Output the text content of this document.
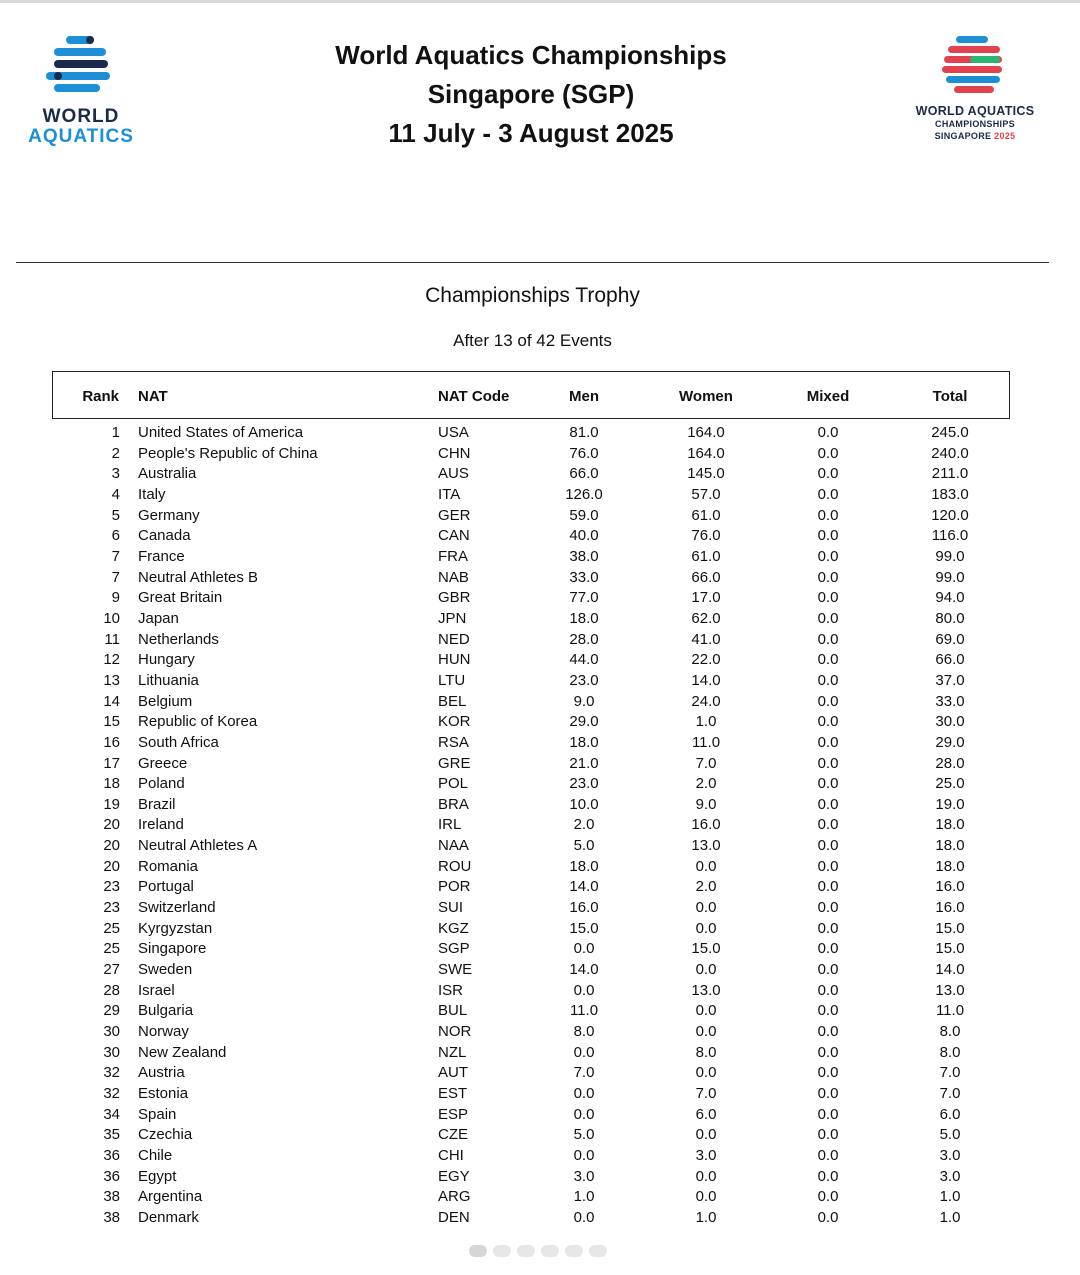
WORLD
AQUATICS
World Aquatics Championships
Singapore (SGP)
11 July - 3 August 2025
WORLD AQUATICS
CHAMPIONSHIPS
SINGAPORE 2025
Championships Trophy
After 13 of 42 Events
Rank NAT	NAT Code	Men	Women	Mixed	Total
1 United States of America	USA	81.0	164.0	0.0	245.0
2 People's Republic of China	CHN	76.0	164.0	0.0	240.0
3 Australia	AUS	66.0	145.0	0.0	211.0
4 Italy	ITA	126.0	57.0	0.0	183.0
5 Germany	GER	59.0	61.0	0.0	120.0
6 Canada	CAN	40.0	76.0	0.0	116.0
7 France	FRA	38.0	61.0	0.0	99.0
7 Neutral Athletes B	NAB	33.0	66.0	0.0	99.0
9 Great Britain	GBR	77.0	17.0	0.0	94.0
10 Japan	JPN	18.0	62.0	0.0	80.0
11 Netherlands	NED	28.0	41.0	0.0	69.0
12 Hungary	HUN	44.0	22.0	0.0	66.0
13 Lithuania	LTU	23.0	14.0	0.0	37.0
14 Belgium	BEL	9.0	24.0	0.0	33.0
15 Republic of Korea	KOR	29.0	1.0	0.0	30.0
16 South Africa	RSA	18.0	11.0	0.0	29.0
17 Greece	GRE	21.0	7.0	0.0	28.0
18 Poland	POL	23.0	2.0	0.0	25.0
19 Brazil	BRA	10.0	9.0	0.0	19.0
20 Ireland	IRL	2.0	16.0	0.0	18.0
20 Neutral Athletes A	NAA	5.0	13.0	0.0	18.0
20 Romania	ROU	18.0	0.0	0.0	18.0
23 Portugal	POR	14.0	2.0	0.0	16.0
23 Switzerland	SUI	16.0	0.0	0.0	16.0
25 Kyrgyzstan	KGZ	15.0	0.0	0.0	15.0
25 Singapore	SGP	0.0	15.0	0.0	15.0
27 Sweden	SWE	14.0	0.0	0.0	14.0
28 Israel	ISR	0.0	13.0	0.0	13.0
29 Bulgaria	BUL	11.0	0.0	0.0	11.0
30 Norway	NOR	8.0	0.0	0.0	8.0
30 New Zealand	NZL	0.0	8.0	0.0	8.0
32 Austria	AUT	7.0	0.0	0.0	7.0
32 Estonia	EST	0.0	7.0	0.0	7.0
34 Spain	ESP	0.0	6.0	0.0	6.0
35 Czechia	CZE	5.0	0.0	0.0	5.0
36 Chile	CHI	0.0	3.0	0.0	3.0
36 Egypt	EGY	3.0	0.0	0.0	3.0
38 Argentina	ARG	1.0	0.0	0.0	1.0
38 Denmark	DEN	0.0	1.0	0.0	1.0
